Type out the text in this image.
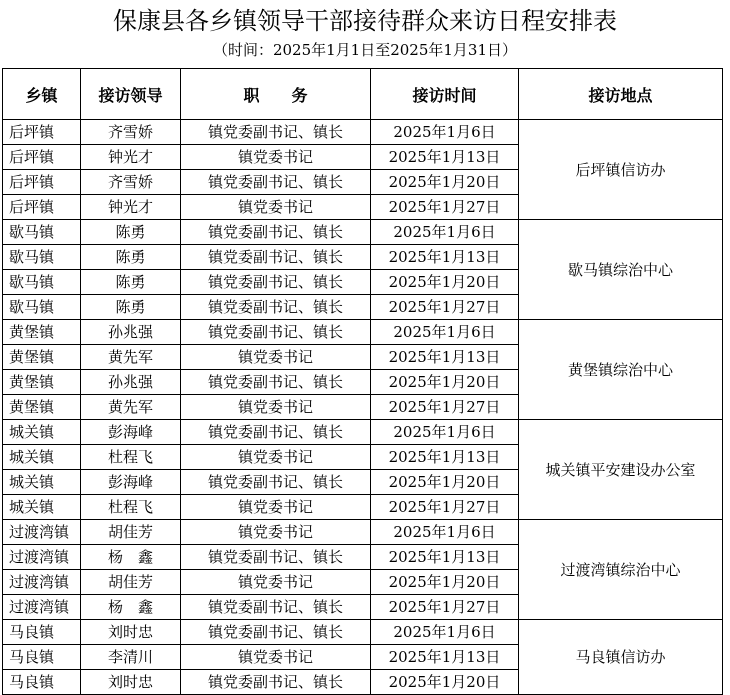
保康县各乡镇领导干部接待群众来访日程安排表
（时间：2025年1月1日至2025年1月31日）
乡镇	接访领导	职　　务	接访时间	接访地点
后坪镇	齐雪娇	镇党委副书记、镇长	2025年1月6日	后坪镇信访办
后坪镇	钟光才	镇党委书记	2025年1月13日	
后坪镇	齐雪娇	镇党委副书记、镇长	2025年1月20日	
后坪镇	钟光才	镇党委书记	2025年1月27日	
歇马镇	陈勇	镇党委副书记、镇长	2025年1月6日	歇马镇综治中心
歇马镇	陈勇	镇党委副书记、镇长	2025年1月13日	
歇马镇	陈勇	镇党委副书记、镇长	2025年1月20日	
歇马镇	陈勇	镇党委副书记、镇长	2025年1月27日	
黄堡镇	孙兆强	镇党委副书记、镇长	2025年1月6日	黄堡镇综治中心
黄堡镇	黄先军	镇党委书记	2025年1月13日	
黄堡镇	孙兆强	镇党委副书记、镇长	2025年1月20日	
黄堡镇	黄先军	镇党委书记	2025年1月27日	
城关镇	彭海峰	镇党委副书记、镇长	2025年1月6日	城关镇平安建设办公室
城关镇	杜程飞	镇党委书记	2025年1月13日	
城关镇	彭海峰	镇党委副书记、镇长	2025年1月20日	
城关镇	杜程飞	镇党委书记	2025年1月27日	
过渡湾镇	胡佳芳	镇党委书记	2025年1月6日	过渡湾镇综治中心
过渡湾镇	杨　鑫	镇党委副书记、镇长	2025年1月13日	
过渡湾镇	胡佳芳	镇党委书记	2025年1月20日	
过渡湾镇	杨　鑫	镇党委副书记、镇长	2025年1月27日	
马良镇	刘时忠	镇党委副书记、镇长	2025年1月6日	马良镇信访办
马良镇	李清川	镇党委书记	2025年1月13日	
马良镇	刘时忠	镇党委副书记、镇长	2025年1月20日	
